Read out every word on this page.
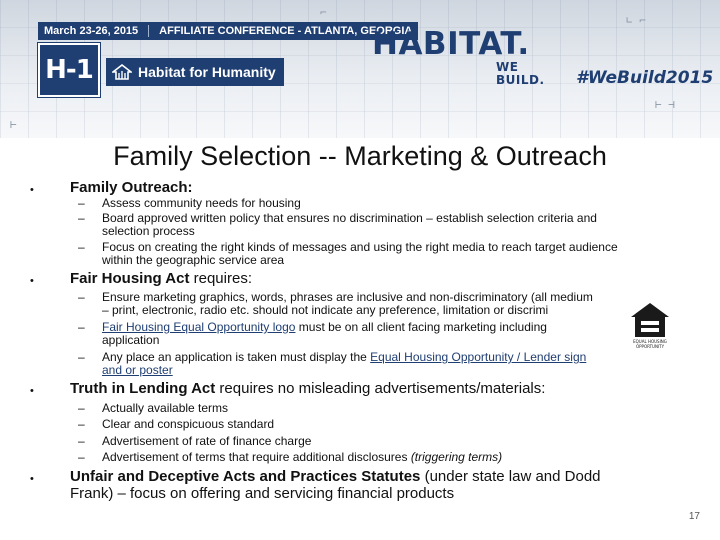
∟ ⌐
⊢ ⊣
⌐
⊢
March 23-26, 2015 AFFILIATE CONFERENCE - ATLANTA, GEORGIA
H-1	Habitat for Humanity
HABITAT.
WE BUILD. #WeBuild2015
Family Selection -- Marketing & Outreach
• Family Outreach:
– Assess community needs for housing
– Board approved written policy that ensures no discrimination – establish selection criteria and
selection process
– Focus on creating the right kinds of messages and using the right media to reach target audience
within the geographic service area
• Fair Housing Act requires:
– Ensure marketing graphics, words, phrases are inclusive and non-discriminatory (all medium
– print, electronic, radio etc. should not indicate any preference, limitation or discrimi
– Fair Housing Equal Opportunity logo must be on all client facing marketing including
application
– Any place an application is taken must display the Equal Housing Opportunity / Lender sign
and or poster
EQUAL HOUSING
OPPORTUNITY
• Truth in Lending Act requires no misleading advertisements/materials:
– Actually available terms
– Clear and conspicuous standard
– Advertisement of rate of finance charge
– Advertisement of terms that require additional disclosures (triggering terms)
• Unfair and Deceptive Acts and Practices Statutes (under state law and Dodd
Frank) – focus on offering and servicing financial products
17
